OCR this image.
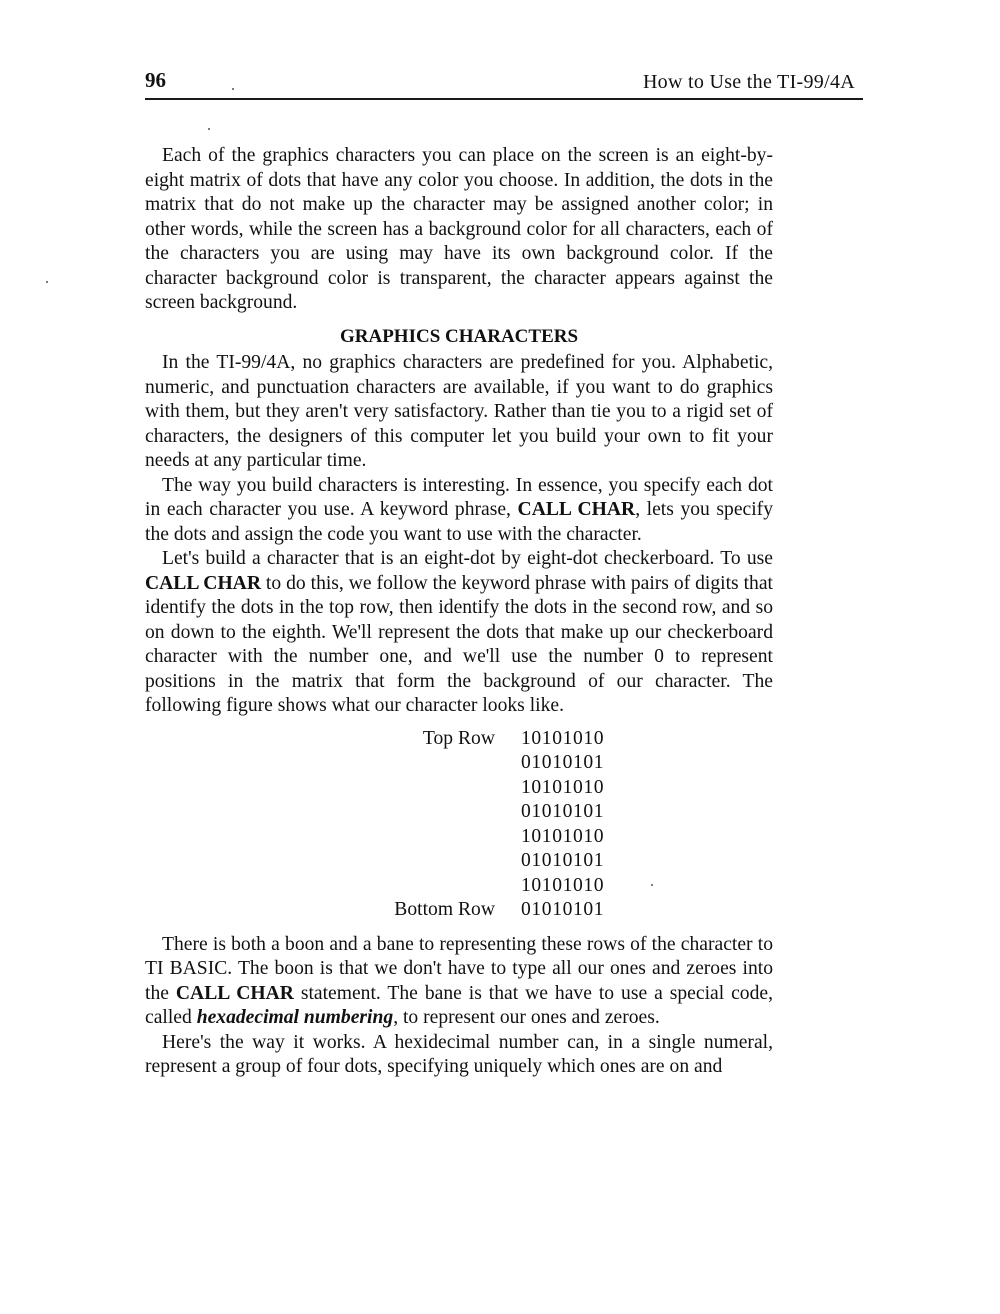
96	How to Use the TI-99/4A

Each of the graphics characters you can place on the screen is an eight-by-eight matrix of dots that have any color you choose. In addition, the dots in the matrix that do not make up the character may be assigned another color; in other words, while the screen has a background color for all characters, each of the characters you are using may have its own background color. If the character background color is transparent, the character appears against the screen background.

GRAPHICS CHARACTERS

In the TI-99/4A, no graphics characters are predefined for you. Alphabetic, numeric, and punctuation characters are available, if you want to do graphics with them, but they aren't very satisfactory. Rather than tie you to a rigid set of characters, the designers of this computer let you build your own to fit your needs at any particular time.

The way you build characters is interesting. In essence, you specify each dot in each character you use. A keyword phrase, CALL CHAR, lets you specify the dots and assign the code you want to use with the character.

Let's build a character that is an eight-dot by eight-dot checkerboard. To use CALL CHAR to do this, we follow the keyword phrase with pairs of digits that identify the dots in the top row, then identify the dots in the second row, and so on down to the eighth. We'll represent the dots that make up our checkerboard character with the number one, and we'll use the number 0 to represent positions in the matrix that form the background of our character. The following figure shows what our character looks like.

Top Row 10101010
01010101
10101010
01010101
10101010
01010101
10101010
Bottom Row 01010101

There is both a boon and a bane to representing these rows of the character to TI BASIC. The boon is that we don't have to type all our ones and zeroes into the CALL CHAR statement. The bane is that we have to use a special code, called hexadecimal numbering, to represent our ones and zeroes.

Here's the way it works. A hexidecimal number can, in a single numeral, represent a group of four dots, specifying uniquely which ones are on and
